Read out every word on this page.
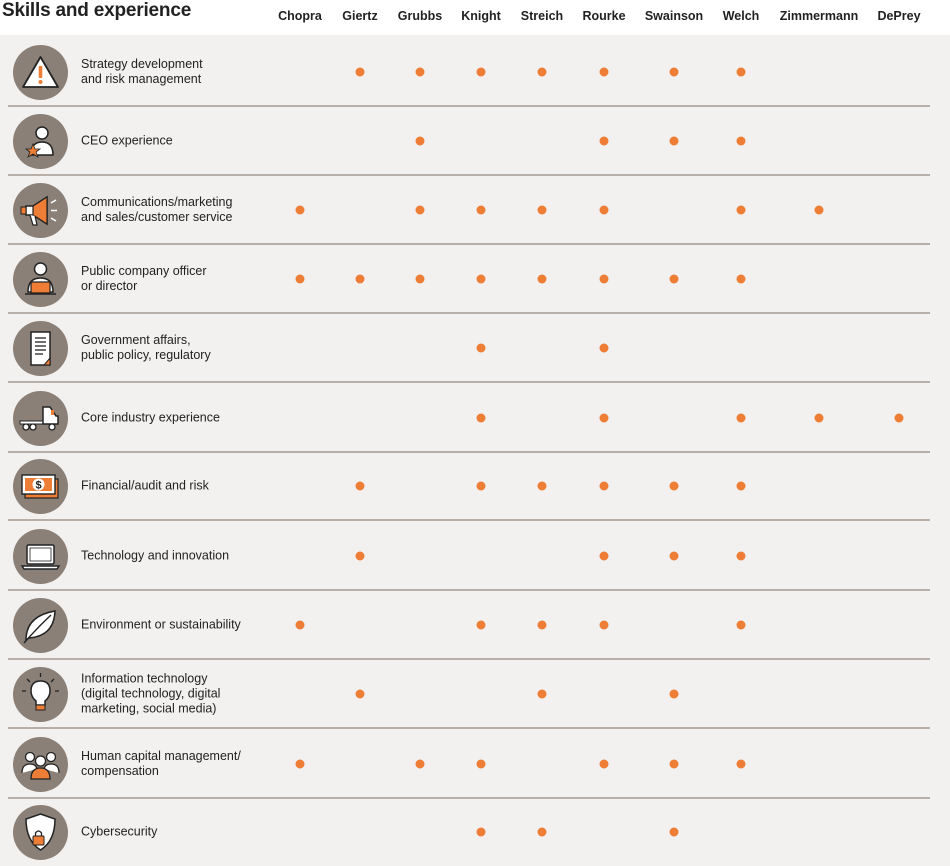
Skills and experience	Chopra Giertz Grubbs Knight Streich Rourke Swainson Welch Zimmermann DePrey
Strategy development
and risk management
CEO experience
Communications/marketing
and sales/customer service
Public company officer
or director
Government affairs,
public policy, regulatory
Core industry experience
$	Financial/audit and risk
Technology and innovation
Environment or sustainability
Information technology
(digital technology, digital
marketing, social media)
Human capital management/
compensation
Cybersecurity
